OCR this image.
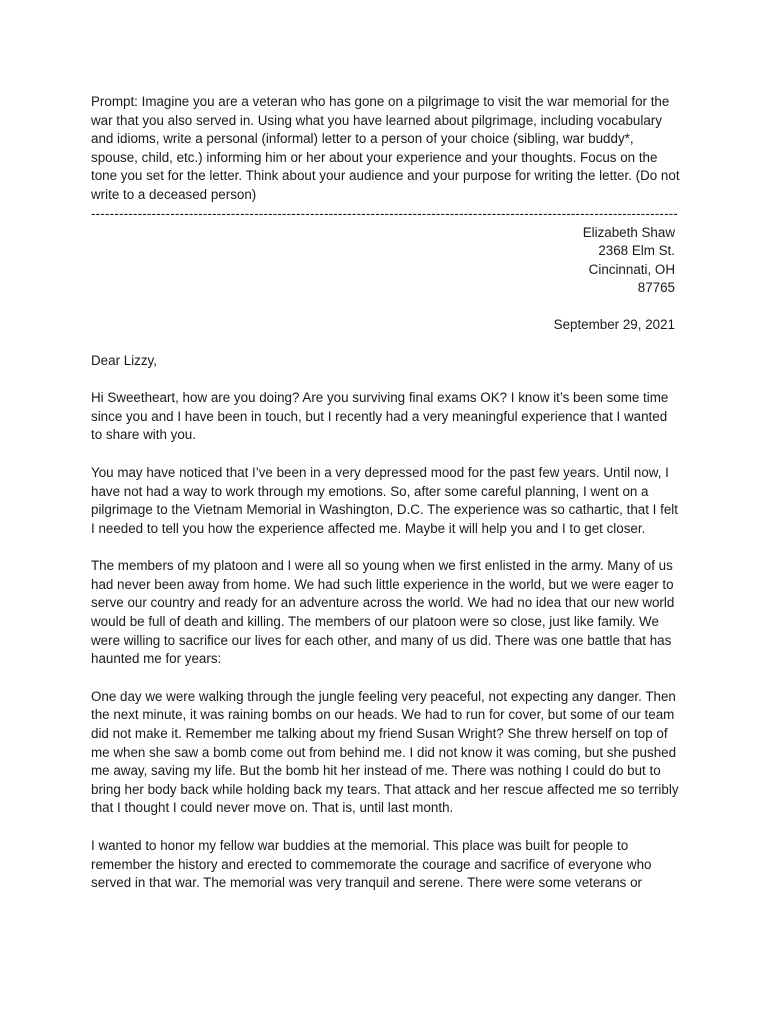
Prompt: Imagine you are a veteran who has gone on a pilgrimage to visit the war memorial for the war that you also served in. Using what you have learned about pilgrimage, including vocabulary and idioms, write a personal (informal) letter to a person of your choice (sibling, war buddy*, spouse, child, etc.) informing him or her about your experience and your thoughts. Focus on the tone you set for the letter. Think about your audience and your purpose for writing the letter. (Do not write to a deceased person)

------------------------------------------------------------------------------------------------------------------------------
Elizabeth Shaw
2368 Elm St.
Cincinnati, OH
87765
September 29, 2021

Dear Lizzy,

Hi Sweetheart, how are you doing? Are you surviving final exams OK? I know it’s been some time since you and I have been in touch, but I recently had a very meaningful experience that I wanted to share with you.

You may have noticed that I’ve been in a very depressed mood for the past few years. Until now, I have not had a way to work through my emotions. So, after some careful planning, I went on a pilgrimage to the Vietnam Memorial in Washington, D.C. The experience was so cathartic, that I felt I needed to tell you how the experience affected me. Maybe it will help you and I to get closer.

The members of my platoon and I were all so young when we first enlisted in the army. Many of us had never been away from home. We had such little experience in the world, but we were eager to serve our country and ready for an adventure across the world. We had no idea that our new world would be full of death and killing. The members of our platoon were so close, just like family. We were willing to sacrifice our lives for each other, and many of us did. There was one battle that has haunted me for years:

One day we were walking through the jungle feeling very peaceful, not expecting any danger. Then the next minute, it was raining bombs on our heads. We had to run for cover, but some of our team did not make it. Remember me talking about my friend Susan Wright? She threw herself on top of me when she saw a bomb come out from behind me. I did not know it was coming, but she pushed me away, saving my life. But the bomb hit her instead of me. There was nothing I could do but to bring her body back while holding back my tears. That attack and her rescue affected me so terribly that I thought I could never move on. That is, until last month.

I wanted to honor my fellow war buddies at the memorial. This place was built for people to remember the history and erected to commemorate the courage and sacrifice of everyone who served in that war. The memorial was very tranquil and serene. There were some veterans or
